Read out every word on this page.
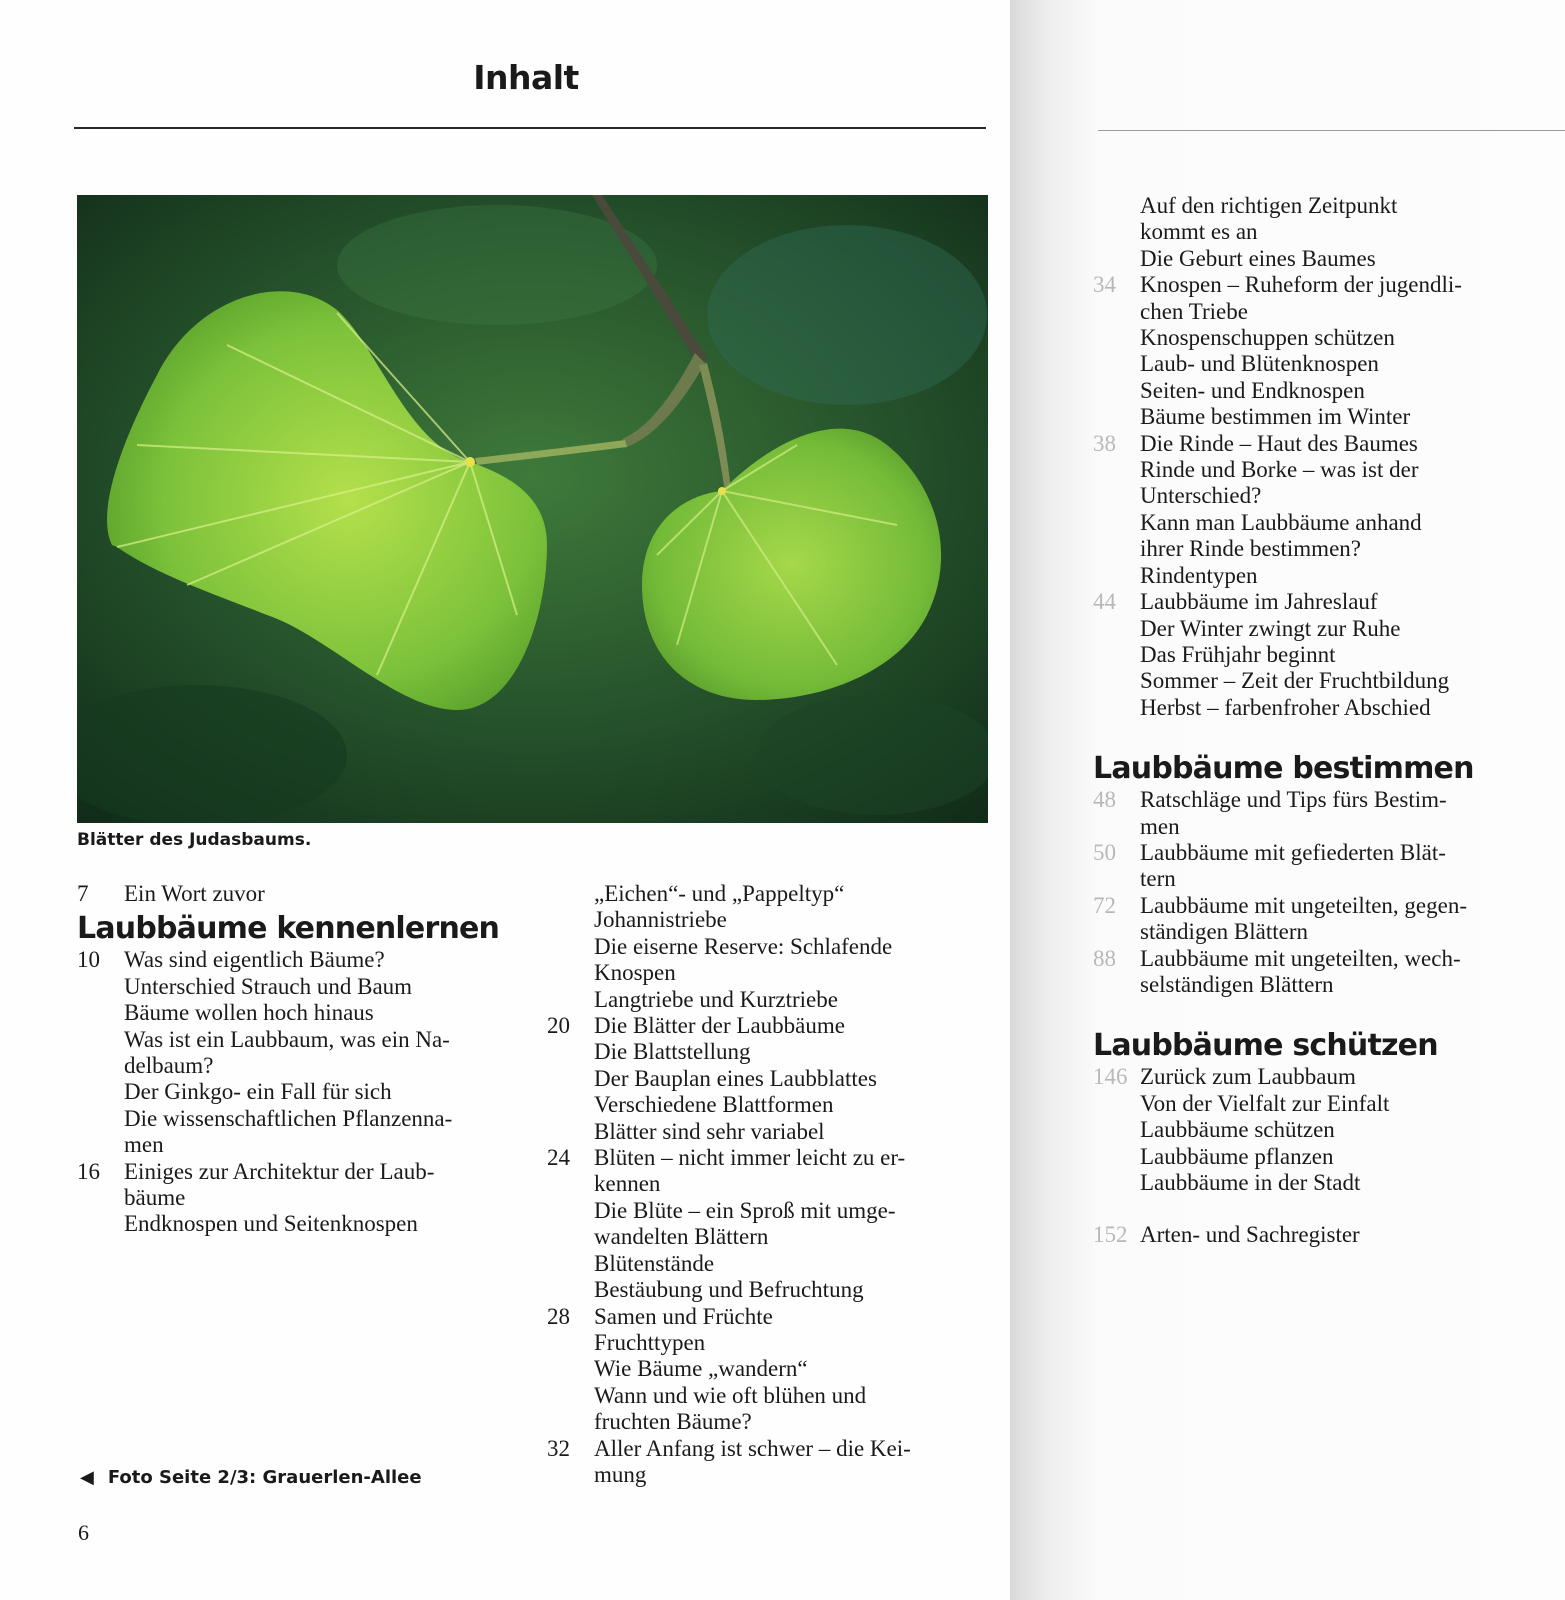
Inhalt
Blätter des Judasbaums.
7 Ein Wort zuvor
Laubbäume kennenlernen
10 Was sind eigentlich Bäume?
Unterschied Strauch und Baum
Bäume wollen hoch hinaus
Was ist ein Laubbaum, was ein Na-
delbaum?
Der Ginkgo- ein Fall für sich
Die wissenschaftlichen Pflanzenna-
men
16 Einiges zur Architektur der Laub-
bäume
Endknospen und Seitenknospen
„Eichen“- und „Pappeltyp“
Johannistriebe
Die eiserne Reserve: Schlafende
Knospen
Langtriebe und Kurztriebe
20 Die Blätter der Laubbäume
Die Blattstellung
Der Bauplan eines Laubblattes
Verschiedene Blattformen
Blätter sind sehr variabel
24 Blüten – nicht immer leicht zu er-
kennen
Die Blüte – ein Sproß mit umge-
wandelten Blättern
Blütenstände
Bestäubung und Befruchtung
28 Samen und Früchte
Fruchttypen
Wie Bäume „wandern“
Wann und wie oft blühen und
fruchten Bäume?
32 Aller Anfang ist schwer – die Kei-
mung
Auf den richtigen Zeitpunkt
kommt es an
Die Geburt eines Baumes
34 Knospen – Ruheform der jugendli-
chen Triebe
Knospenschuppen schützen
Laub- und Blütenknospen
Seiten- und Endknospen
Bäume bestimmen im Winter
38 Die Rinde – Haut des Baumes
Rinde und Borke – was ist der
Unterschied?
Kann man Laubbäume anhand
ihrer Rinde bestimmen?
Rindentypen
44 Laubbäume im Jahreslauf
Der Winter zwingt zur Ruhe
Das Frühjahr beginnt
Sommer – Zeit der Fruchtbildung
Herbst – farbenfroher Abschied
Laubbäume bestimmen
48 Ratschläge und Tips fürs Bestim-
men
50 Laubbäume mit gefiederten Blät-
tern
72 Laubbäume mit ungeteilten, gegen-
ständigen Blättern
88 Laubbäume mit ungeteilten, wech-
selständigen Blättern
Laubbäume schützen
146 Zurück zum Laubbaum
Von der Vielfalt zur Einfalt
Laubbäume schützen
Laubbäume pflanzen
Laubbäume in der Stadt
152 Arten- und Sachregister
◀ Foto Seite 2/3: Grauerlen-Allee
6
